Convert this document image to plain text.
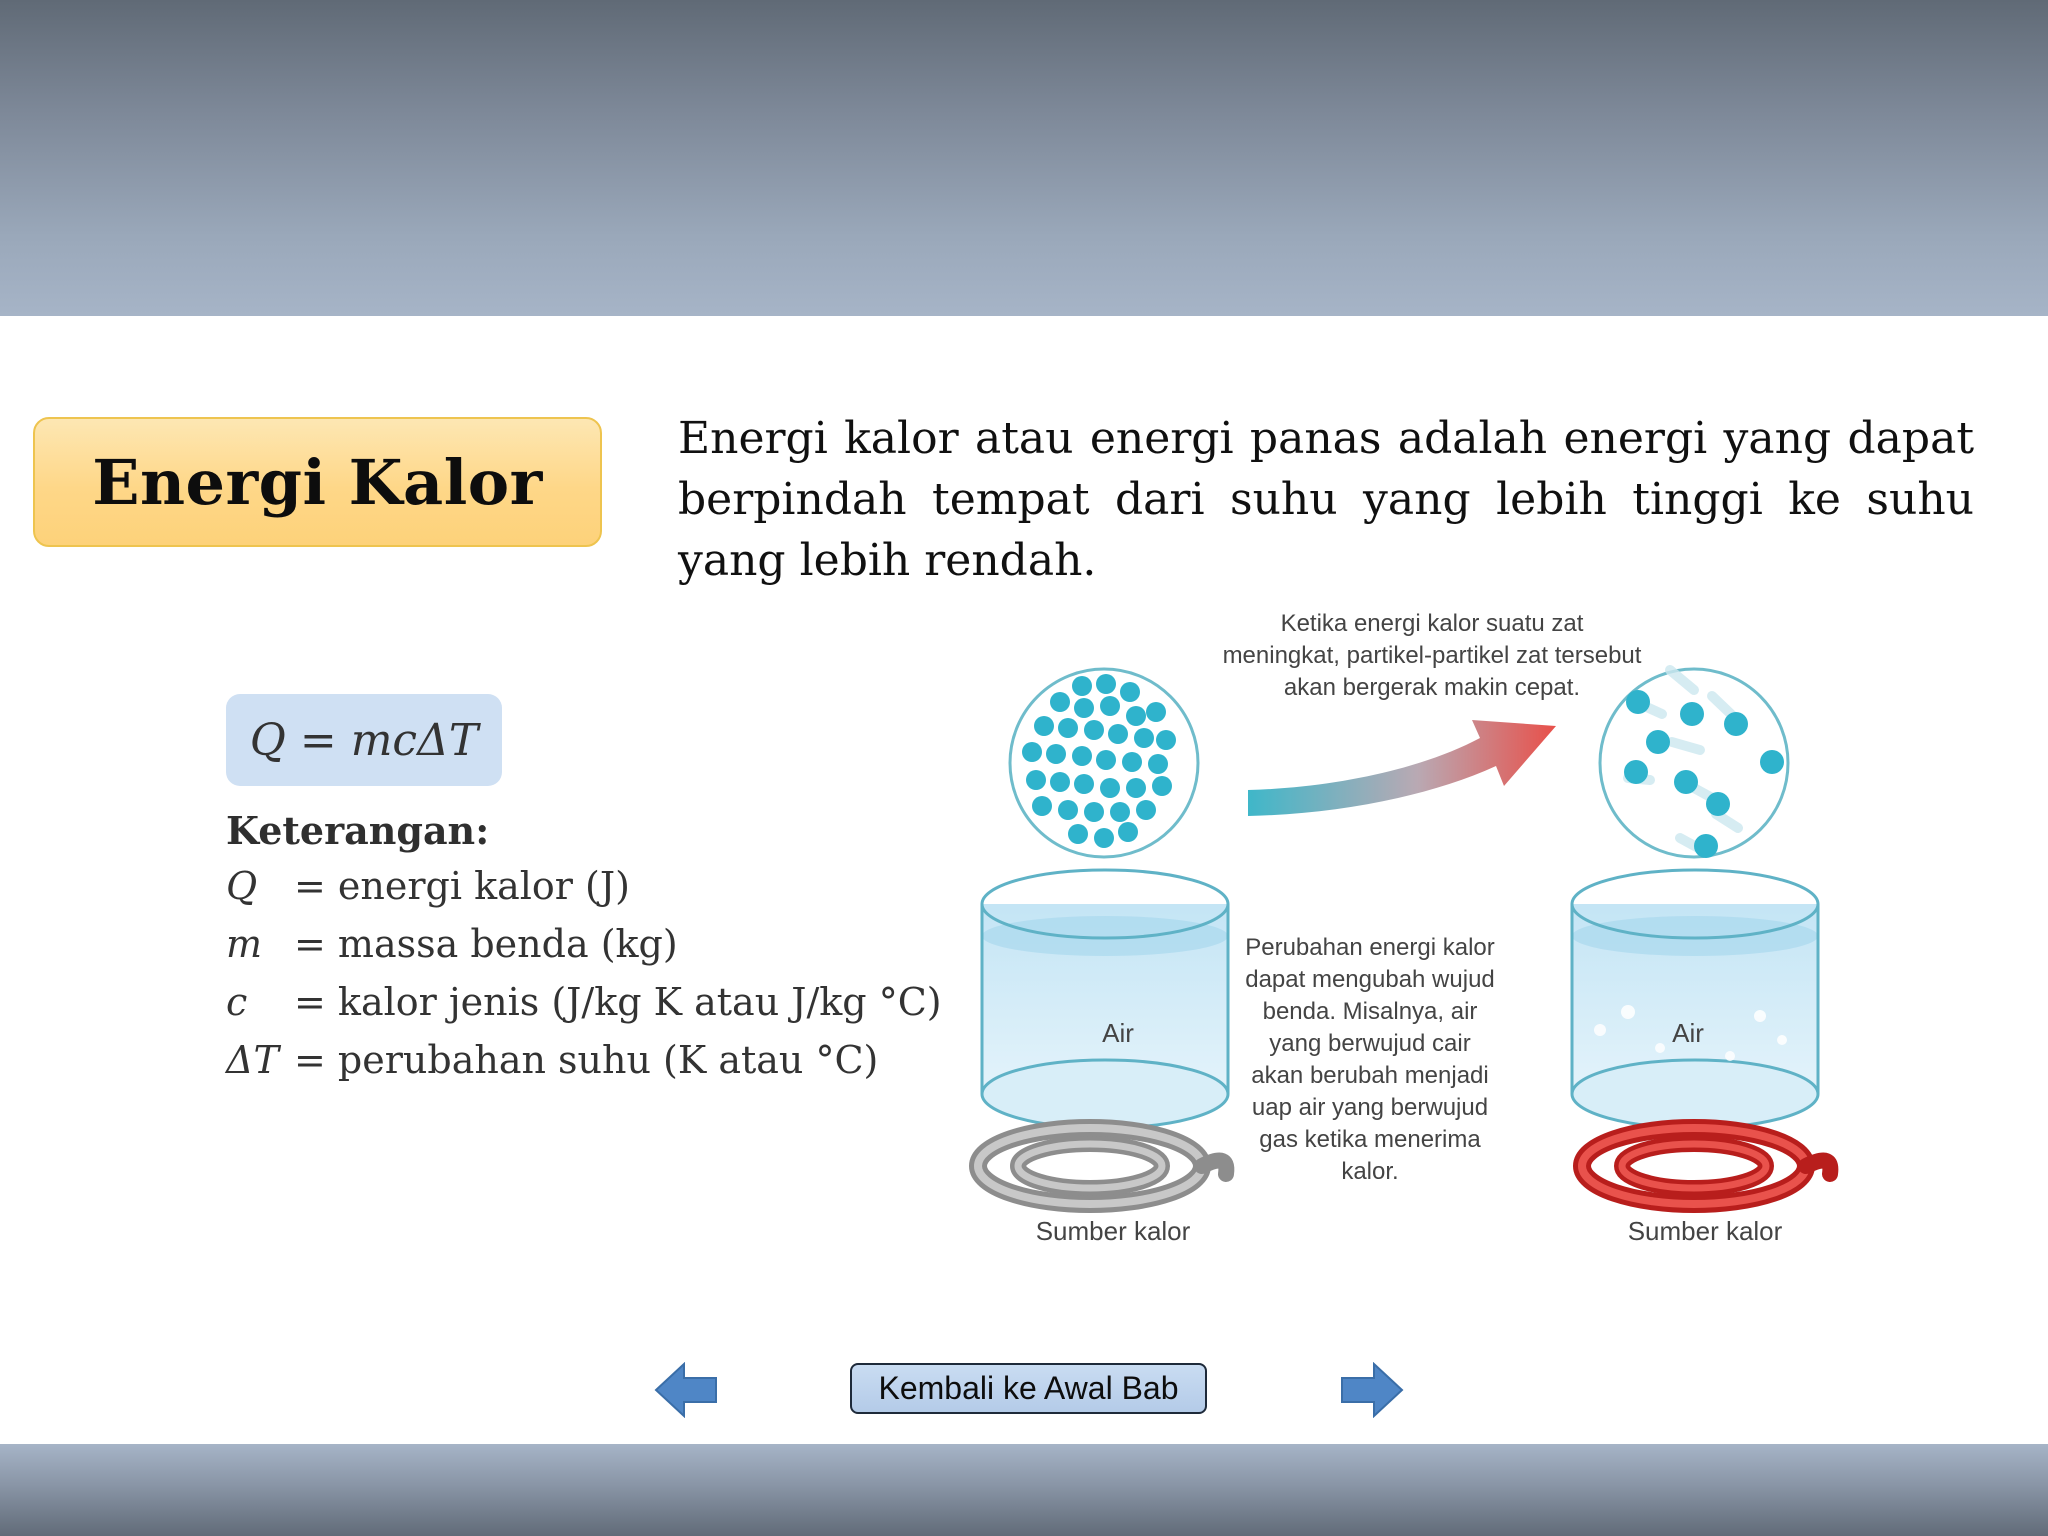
Energi Kalor

Energi kalor atau energi panas adalah energi yang dapat berpindah tempat dari suhu yang lebih tinggi ke suhu yang lebih rendah.

Q = mcΔT
Keterangan:
Q = energi kalor (J)
m = massa benda (kg)
c = kalor jenis (J/kg K atau J/kg °C)
ΔT = perubahan suhu (K atau °C)
Ketika energi kalor suatu zat meningkat, partikel-partikel zat tersebut akan bergerak makin cepat.
Perubahan energi kalor dapat mengubah wujud benda. Misalnya, air yang berwujud cair akan berubah menjadi uap air yang berwujud gas ketika menerima kalor.
Air	Air
Sumber kalor	Sumber kalor
Kembali ke Awal Bab
